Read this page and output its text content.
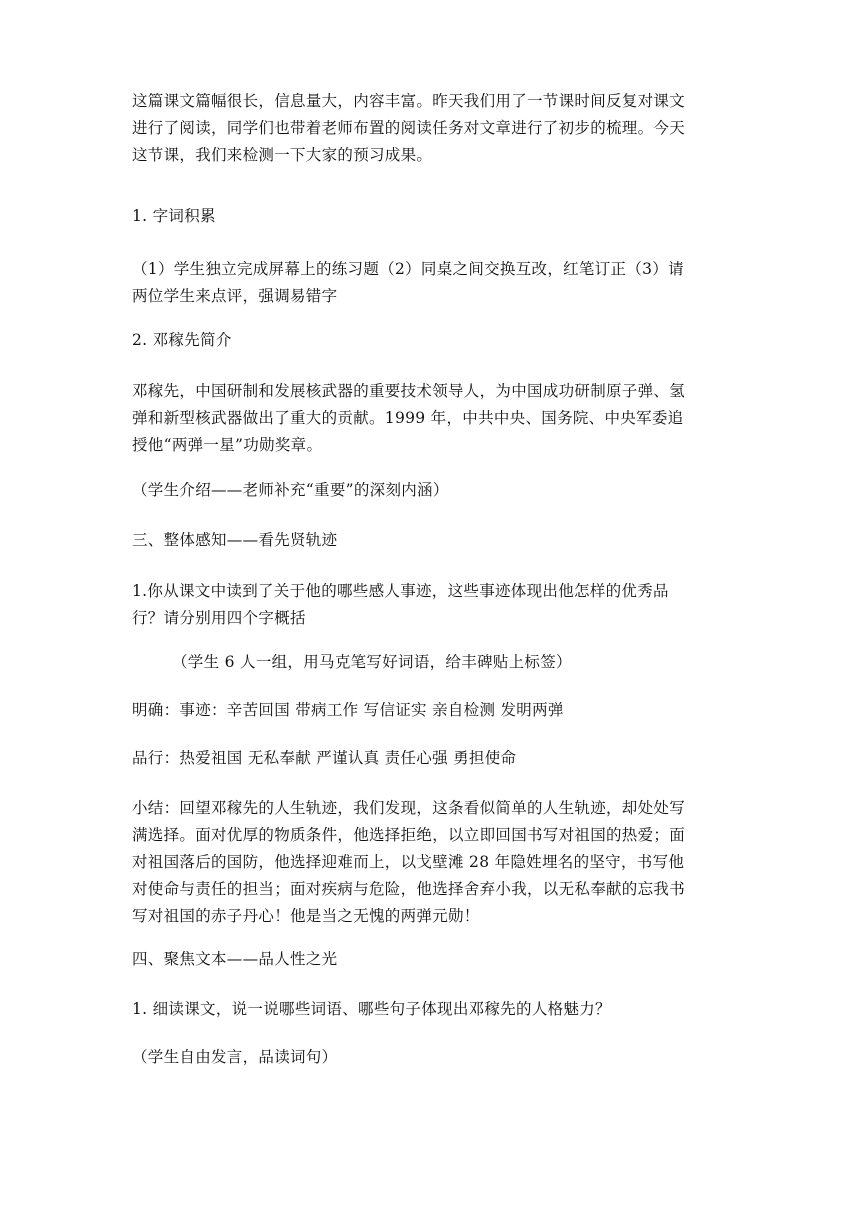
这篇课文篇幅很长，信息量大，内容丰富。昨天我们用了一节课时间反复对课文
进行了阅读，同学们也带着老师布置的阅读任务对文章进行了初步的梳理。今天
这节课，我们来检测一下大家的预习成果。
1. 字词积累
（1）学生独立完成屏幕上的练习题（2）同桌之间交换互改，红笔订正（3）请
两位学生来点评，强调易错字
2. 邓稼先简介
邓稼先，中国研制和发展核武器的重要技术领导人，为中国成功研制原子弹、氢
弹和新型核武器做出了重大的贡献。1999 年，中共中央、国务院、中央军委追
授他“两弹一星”功勋奖章。
（学生介绍——老师补充“重要”的深刻内涵）
三、整体感知——看先贤轨迹
1.你从课文中读到了关于他的哪些感人事迹，这些事迹体现出他怎样的优秀品
行？请分别用四个字概括
（学生 6 人一组，用马克笔写好词语，给丰碑贴上标签）
明确：事迹：辛苦回国 带病工作 写信证实 亲自检测 发明两弹
品行：热爱祖国 无私奉献 严谨认真 责任心强 勇担使命
小结：回望邓稼先的人生轨迹，我们发现，这条看似简单的人生轨迹，却处处写
满选择。面对优厚的物质条件，他选择拒绝，以立即回国书写对祖国的热爱；面
对祖国落后的国防，他选择迎难而上，以戈壁滩 28 年隐姓埋名的坚守，书写他
对使命与责任的担当；面对疾病与危险，他选择舍弃小我，以无私奉献的忘我书
写对祖国的赤子丹心！他是当之无愧的两弹元勋！
四、聚焦文本——品人性之光
1. 细读课文，说一说哪些词语、哪些句子体现出邓稼先的人格魅力？
（学生自由发言，品读词句）
